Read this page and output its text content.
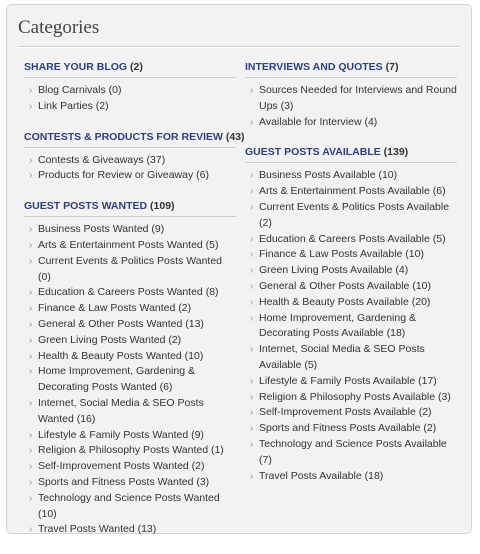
Categories
SHARE YOUR BLOG (2)
› Blog Carnivals (0)
› Link Parties (2)
CONTESTS & PRODUCTS FOR REVIEW (43)
› Contests & Giveaways (37)
› Products for Review or Giveaway (6)
GUEST POSTS WANTED (109)
› Business Posts Wanted (9)
› Arts & Entertainment Posts Wanted (5)
› Current Events & Politics Posts Wanted (0)
› Education & Careers Posts Wanted (8)
› Finance & Law Posts Wanted (2)
› General & Other Posts Wanted (13)
› Green Living Posts Wanted (2)
› Health & Beauty Posts Wanted (10)
› Home Improvement, Gardening & Decorating Posts Wanted (6)
› Internet, Social Media & SEO Posts Wanted (16)
› Lifestyle & Family Posts Wanted (9)
› Religion & Philosophy Posts Wanted (1)
› Self-Improvement Posts Wanted (2)
› Sports and Fitness Posts Wanted (3)
› Technology and Science Posts Wanted (10)
› Travel Posts Wanted (13)
INTERVIEWS AND QUOTES (7)
› Sources Needed for Interviews and Round Ups (3)
› Available for Interview (4)
GUEST POSTS AVAILABLE (139)
› Business Posts Available (10)
› Arts & Entertainment Posts Available (6)
› Current Events & Politics Posts Available (2)
› Education & Careers Posts Available (5)
› Finance & Law Posts Available (10)
› Green Living Posts Available (4)
› General & Other Posts Available (10)
› Health & Beauty Posts Available (20)
› Home Improvement, Gardening & Decorating Posts Available (18)
› Internet, Social Media & SEO Posts Available (5)
› Lifestyle & Family Posts Available (17)
› Religion & Philosophy Posts Available (3)
› Self-Improvement Posts Available (2)
› Sports and Fitness Posts Available (2)
› Technology and Science Posts Available (7)
› Travel Posts Available (18)
